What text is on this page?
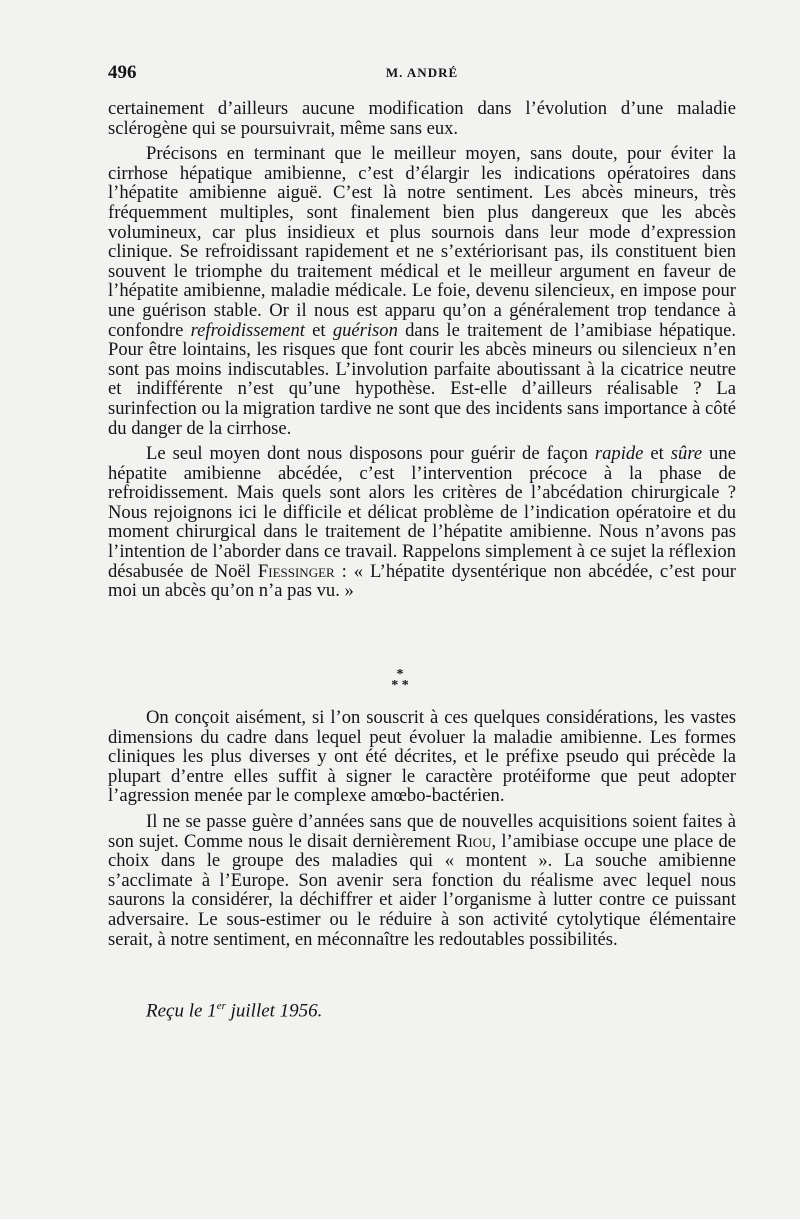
496	M. ANDRÉ

certainement d’ailleurs aucune modification dans l’évolution d’une maladie sclérogène qui se poursuivrait, même sans eux.

Précisons en terminant que le meilleur moyen, sans doute, pour éviter la cirrhose hépatique amibienne, c’est d’élargir les indications opératoires dans l’hépatite amibienne aiguë. C’est là notre sentiment. Les abcès mineurs, très fréquemment multiples, sont finalement bien plus dangereux que les abcès volumineux, car plus insidieux et plus sournois dans leur mode d’expression clinique. Se refroidissant rapidement et ne s’extériorisant pas, ils constituent bien souvent le triomphe du traitement médical et le meilleur argument en faveur de l’hépatite amibienne, maladie médicale. Le foie, devenu silencieux, en impose pour une guérison stable. Or il nous est apparu qu’on a généralement trop tendance à confondre refroidissement et guérison dans le traitement de l’amibiase hépatique. Pour être lointains, les risques que font courir les abcès mineurs ou silencieux n’en sont pas moins indiscutables. L’involution parfaite aboutissant à la cicatrice neutre et indifférente n’est qu’une hypothèse. Est-elle d’ailleurs réalisable ? La surinfection ou la migration tardive ne sont que des incidents sans importance à côté du danger de la cirrhose.

Le seul moyen dont nous disposons pour guérir de façon rapide et sûre une hépatite amibienne abcédée, c’est l’intervention précoce à la phase de refroidissement. Mais quels sont alors les critères de l’abcédation chirurgicale ? Nous rejoignons ici le difficile et délicat problème de l’indication opératoire et du moment chirurgical dans le traitement de l’hépatite amibienne. Nous n’avons pas l’intention de l’aborder dans ce travail. Rappelons simplement à ce sujet la réflexion désabusée de Noël Fiessinger : « L’hépatite dysentérique non abcédée, c’est pour moi un abcès qu’on n’a pas vu. »

*
* *

On conçoit aisément, si l’on souscrit à ces quelques considérations, les vastes dimensions du cadre dans lequel peut évoluer la maladie amibienne. Les formes cliniques les plus diverses y ont été décrites, et le préfixe pseudo qui précède la plupart d’entre elles suffit à signer le caractère protéiforme que peut adopter l’agression menée par le complexe amœbo-bactérien.

Il ne se passe guère d’années sans que de nouvelles acquisitions soient faites à son sujet. Comme nous le disait dernièrement Riou, l’amibiase occupe une place de choix dans le groupe des maladies qui « montent ». La souche amibienne s’acclimate à l’Europe. Son avenir sera fonction du réalisme avec lequel nous saurons la considérer, la déchiffrer et aider l’organisme à lutter contre ce puissant adversaire. Le sous-estimer ou le réduire à son activité cytolytique élémentaire serait, à notre sentiment, en méconnaître les redoutables possibilités.

Reçu le 1er juillet 1956.
